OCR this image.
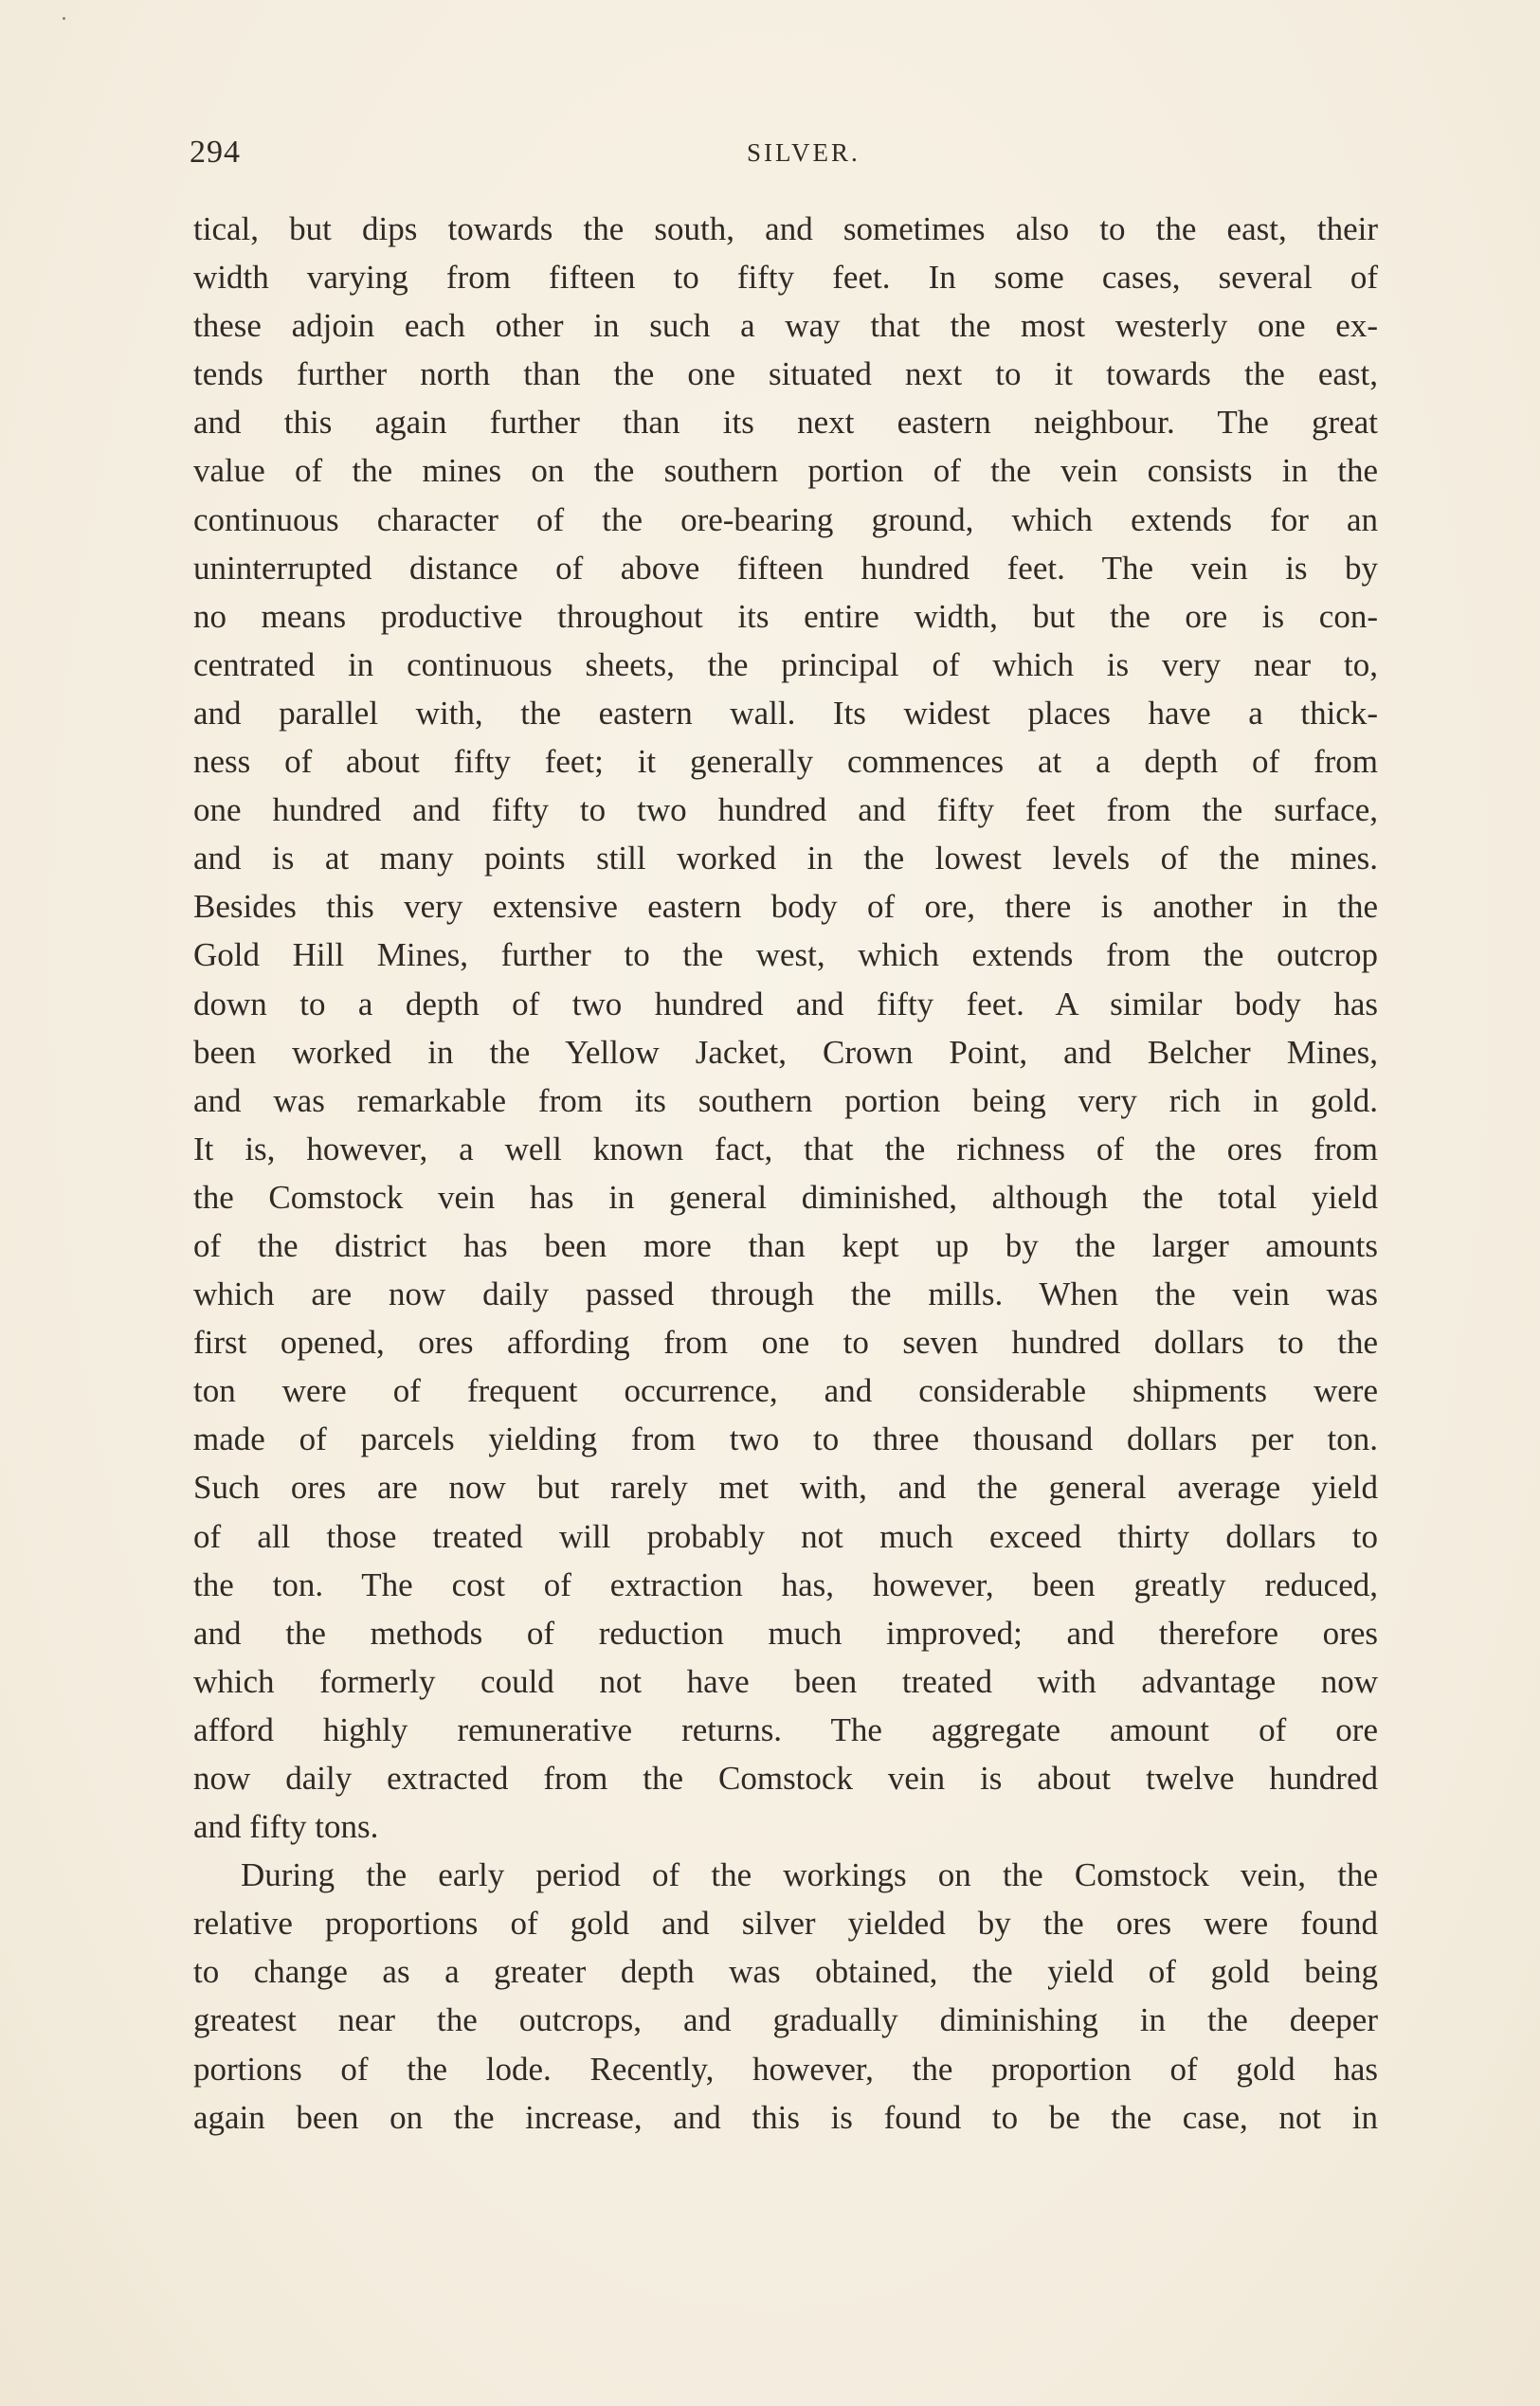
294	SILVER.
tical, but dips towards the south, and sometimes also to the east, their
width varying from fifteen to fifty feet. In some cases, several of
these adjoin each other in such a way that the most westerly one ex-
tends further north than the one situated next to it towards the east,
and this again further than its next eastern neighbour. The great
value of the mines on the southern portion of the vein consists in the
continuous character of the ore-bearing ground, which extends for an
uninterrupted distance of above fifteen hundred feet. The vein is by
no means productive throughout its entire width, but the ore is con-
centrated in continuous sheets, the principal of which is very near to,
and parallel with, the eastern wall. Its widest places have a thick-
ness of about fifty feet; it generally commences at a depth of from
one hundred and fifty to two hundred and fifty feet from the surface,
and is at many points still worked in the lowest levels of the mines.
Besides this very extensive eastern body of ore, there is another in the
Gold Hill Mines, further to the west, which extends from the outcrop
down to a depth of two hundred and fifty feet. A similar body has
been worked in the Yellow Jacket, Crown Point, and Belcher Mines,
and was remarkable from its southern portion being very rich in gold.
It is, however, a well known fact, that the richness of the ores from
the Comstock vein has in general diminished, although the total yield
of the district has been more than kept up by the larger amounts
which are now daily passed through the mills. When the vein was
first opened, ores affording from one to seven hundred dollars to the
ton were of frequent occurrence, and considerable shipments were
made of parcels yielding from two to three thousand dollars per ton.
Such ores are now but rarely met with, and the general average yield
of all those treated will probably not much exceed thirty dollars to
the ton. The cost of extraction has, however, been greatly reduced,
and the methods of reduction much improved; and therefore ores
which formerly could not have been treated with advantage now
afford highly remunerative returns. The aggregate amount of ore
now daily extracted from the Comstock vein is about twelve hundred
and fifty tons.
During the early period of the workings on the Comstock vein, the
relative proportions of gold and silver yielded by the ores were found
to change as a greater depth was obtained, the yield of gold being
greatest near the outcrops, and gradually diminishing in the deeper
portions of the lode. Recently, however, the proportion of gold has
again been on the increase, and this is found to be the case, not in
